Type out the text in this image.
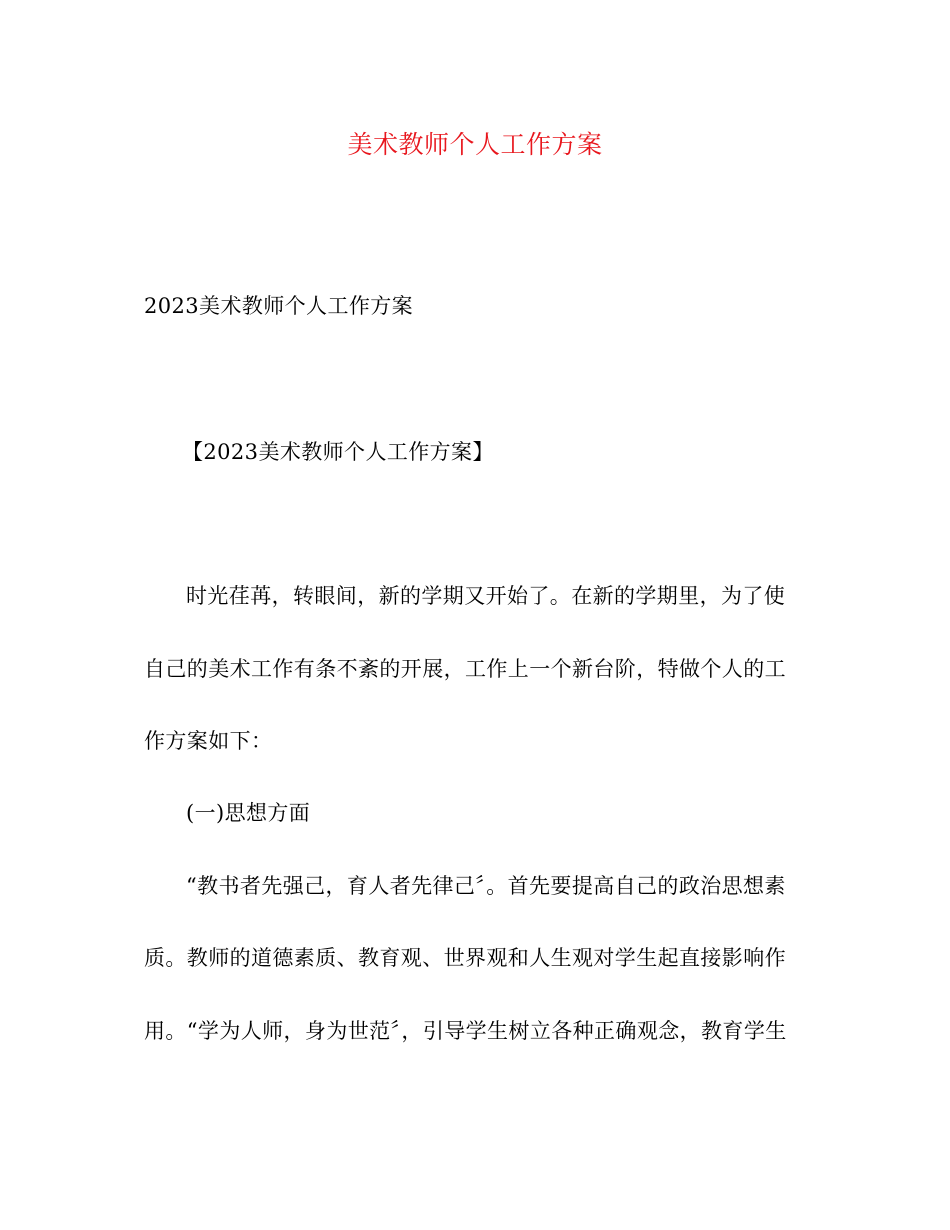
美术教师个人工作方案
2023美术教师个人工作方案
【2023美术教师个人工作方案】
时光荏苒，转眼间，新的学期又开始了。在新的学期里，为了使
自己的美术工作有条不紊的开展，工作上一个新台阶，特做个人的工
作方案如下：
(一)思想方面
“教书者先强己，育人者先律己〞。首先要提高自己的政治思想素
质。教师的道德素质、教育观、世界观和人生观对学生起直接影响作
用。“学为人师，身为世范〞，引导学生树立各种正确观念，教育学生
